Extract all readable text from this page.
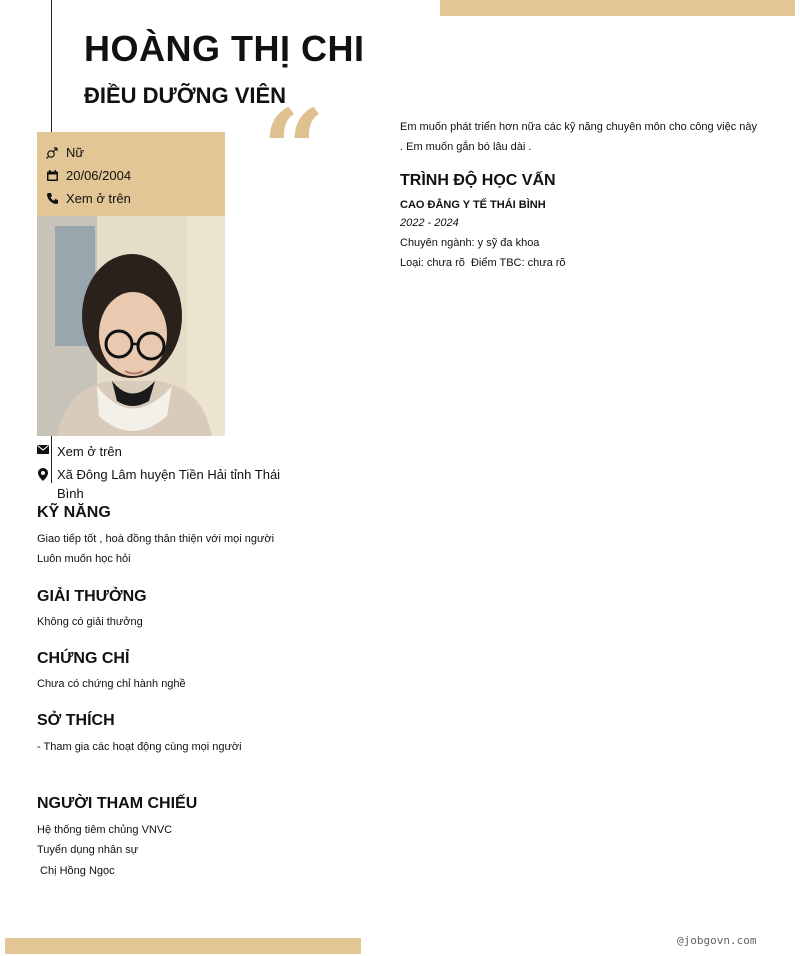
HOÀNG THỊ CHI
ĐIỀU DƯỠNG VIÊN
“
Nữ
20/06/2004
Xem ở trên
Xem ở trên
Xã Đông Lâm huyện Tiền Hải tỉnh Thái Bình
KỸ NĂNG
Giao tiếp tốt , hoà đồng thân thiện với mọi người
Luôn muốn học hỏi
GIẢI THƯỞNG
Không có giải thưởng
CHỨNG CHỈ
Chưa có chứng chỉ hành nghề
SỞ THÍCH
- Tham gia các hoạt động cùng mọi người
NGƯỜI THAM CHIẾU
Hệ thống tiêm chủng VNVC
Tuyển dụng nhân sự
Chị Hồng Ngọc
Em muốn phát triển hơn nữa các kỹ năng chuyên môn cho công việc này
. Em muốn gắn bó lâu dài .
TRÌNH ĐỘ HỌC VẤN
CAO ĐẲNG Y TẾ THÁI BÌNH
2022 - 2024
Chuyên ngành: y sỹ đa khoa
Loại: chưa rõ  Điểm TBC: chưa rõ
@jobgovn.com
